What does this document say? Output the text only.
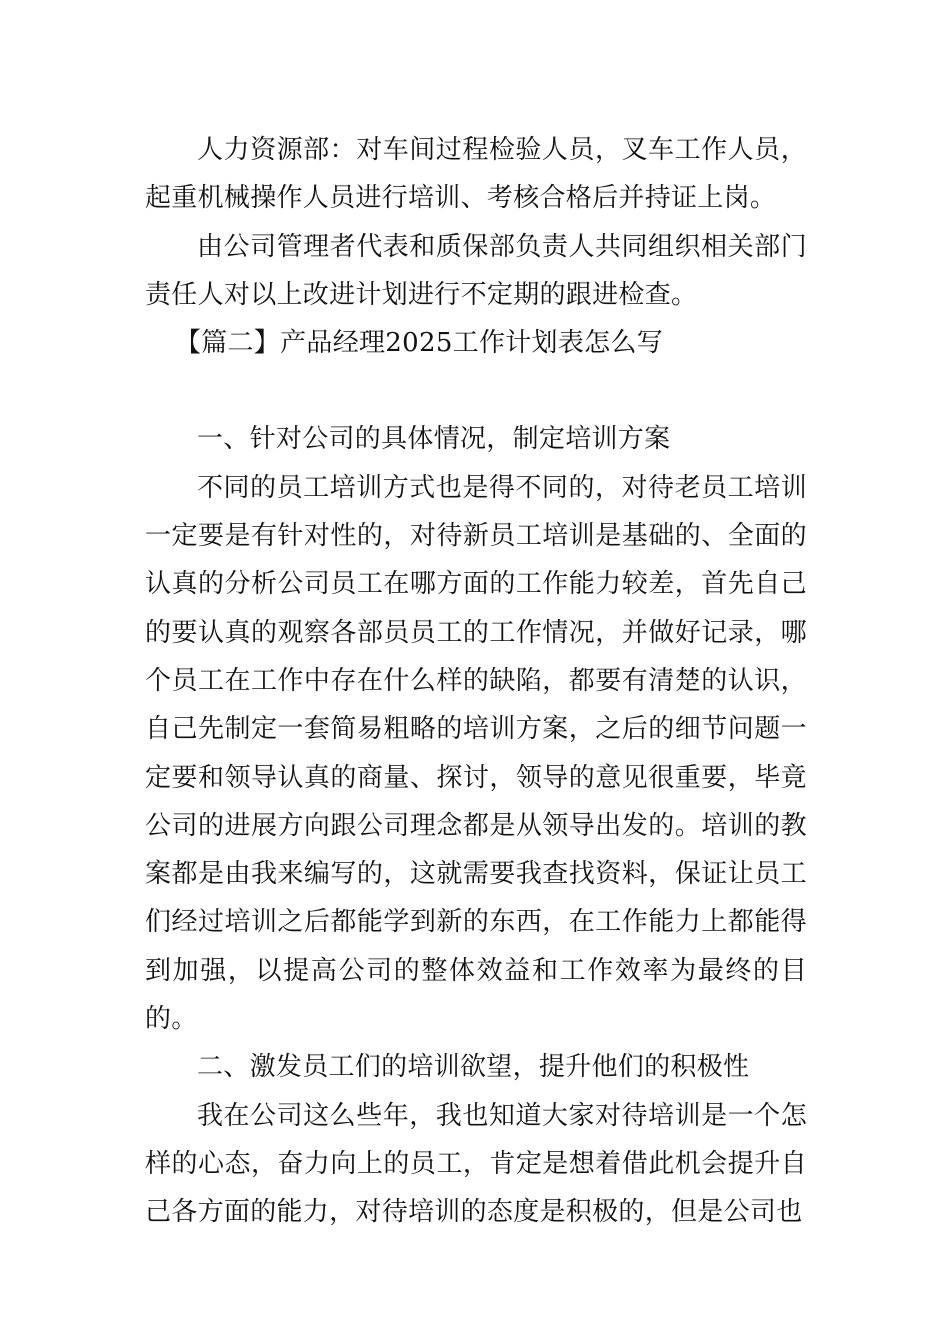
人力资源部：对车间过程检验人员，叉车工作人员，起重机械操作人员进行培训、考核合格后并持证上岗。

由公司管理者代表和质保部负责人共同组织相关部门责任人对以上改进计划进行不定期的跟进检查。

【篇二】产品经理2025工作计划表怎么写

一、针对公司的具体情况，制定培训方案

不同的员工培训方式也是得不同的，对待老员工培训一定要是有针对性的，对待新员工培训是基础的、全面的认真的分析公司员工在哪方面的工作能力较差，首先自己的要认真的观察各部员员工的工作情况，并做好记录，哪个员工在工作中存在什么样的缺陷，都要有清楚的认识，自己先制定一套简易粗略的培训方案，之后的细节问题一定要和领导认真的商量、探讨，领导的意见很重要，毕竟公司的进展方向跟公司理念都是从领导出发的。培训的教案都是由我来编写的，这就需要我查找资料，保证让员工们经过培训之后都能学到新的东西，在工作能力上都能得到加强，以提高公司的整体效益和工作效率为最终的目的。

二、激发员工们的培训欲望，提升他们的积极性

我在公司这么些年，我也知道大家对待培训是一个怎样的心态，奋力向上的员工，肯定是想着借此机会提升自己各方面的能力，对待培训的态度是积极的，但是公司也
